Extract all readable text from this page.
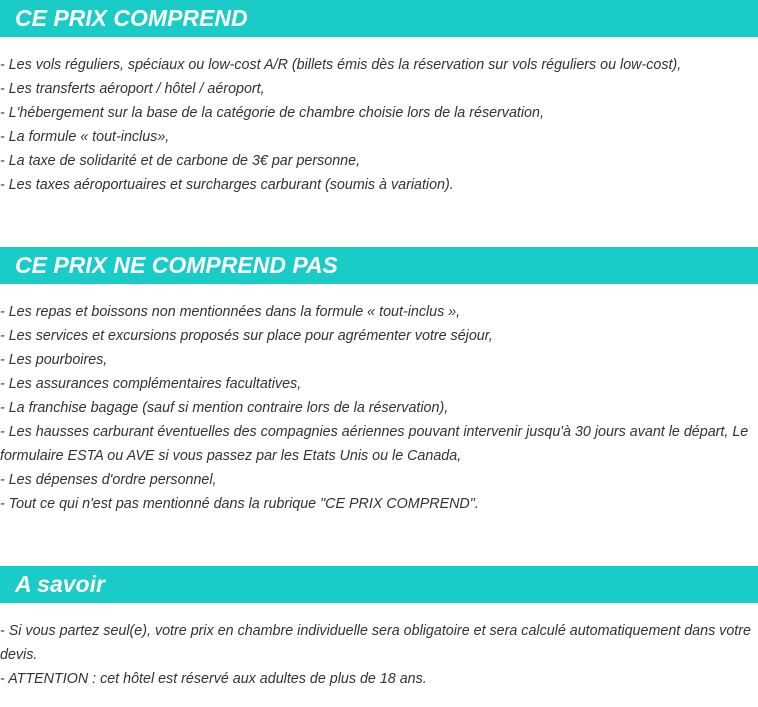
CE PRIX COMPREND
- Les vols réguliers, spéciaux ou low-cost A/R (billets émis dès la réservation sur vols réguliers ou low-cost),
- Les transferts aéroport / hôtel / aéroport,
- L'hébergement sur la base de la catégorie de chambre choisie lors de la réservation,
- La formule « tout-inclus»,
- La taxe de solidarité et de carbone de 3€ par personne,
- Les taxes aéroportuaires et surcharges carburant (soumis à variation).
CE PRIX NE COMPREND PAS
- Les repas et boissons non mentionnées dans la formule « tout-inclus »,
- Les services et excursions proposés sur place pour agrémenter votre séjour,
- Les pourboires,
- Les assurances complémentaires facultatives,
- La franchise bagage (sauf si mention contraire lors de la réservation),
- Les hausses carburant éventuelles des compagnies aériennes pouvant intervenir jusqu'à 30 jours avant le départ, Le formulaire ESTA ou AVE si vous passez par les Etats Unis ou le Canada,
- Les dépenses d'ordre personnel,
- Tout ce qui n'est pas mentionné dans la rubrique "CE PRIX COMPREND".
A savoir
- Si vous partez seul(e), votre prix en chambre individuelle sera obligatoire et sera calculé automatiquement dans votre devis.
- ATTENTION : cet hôtel est réservé aux adultes de plus de 18 ans.
